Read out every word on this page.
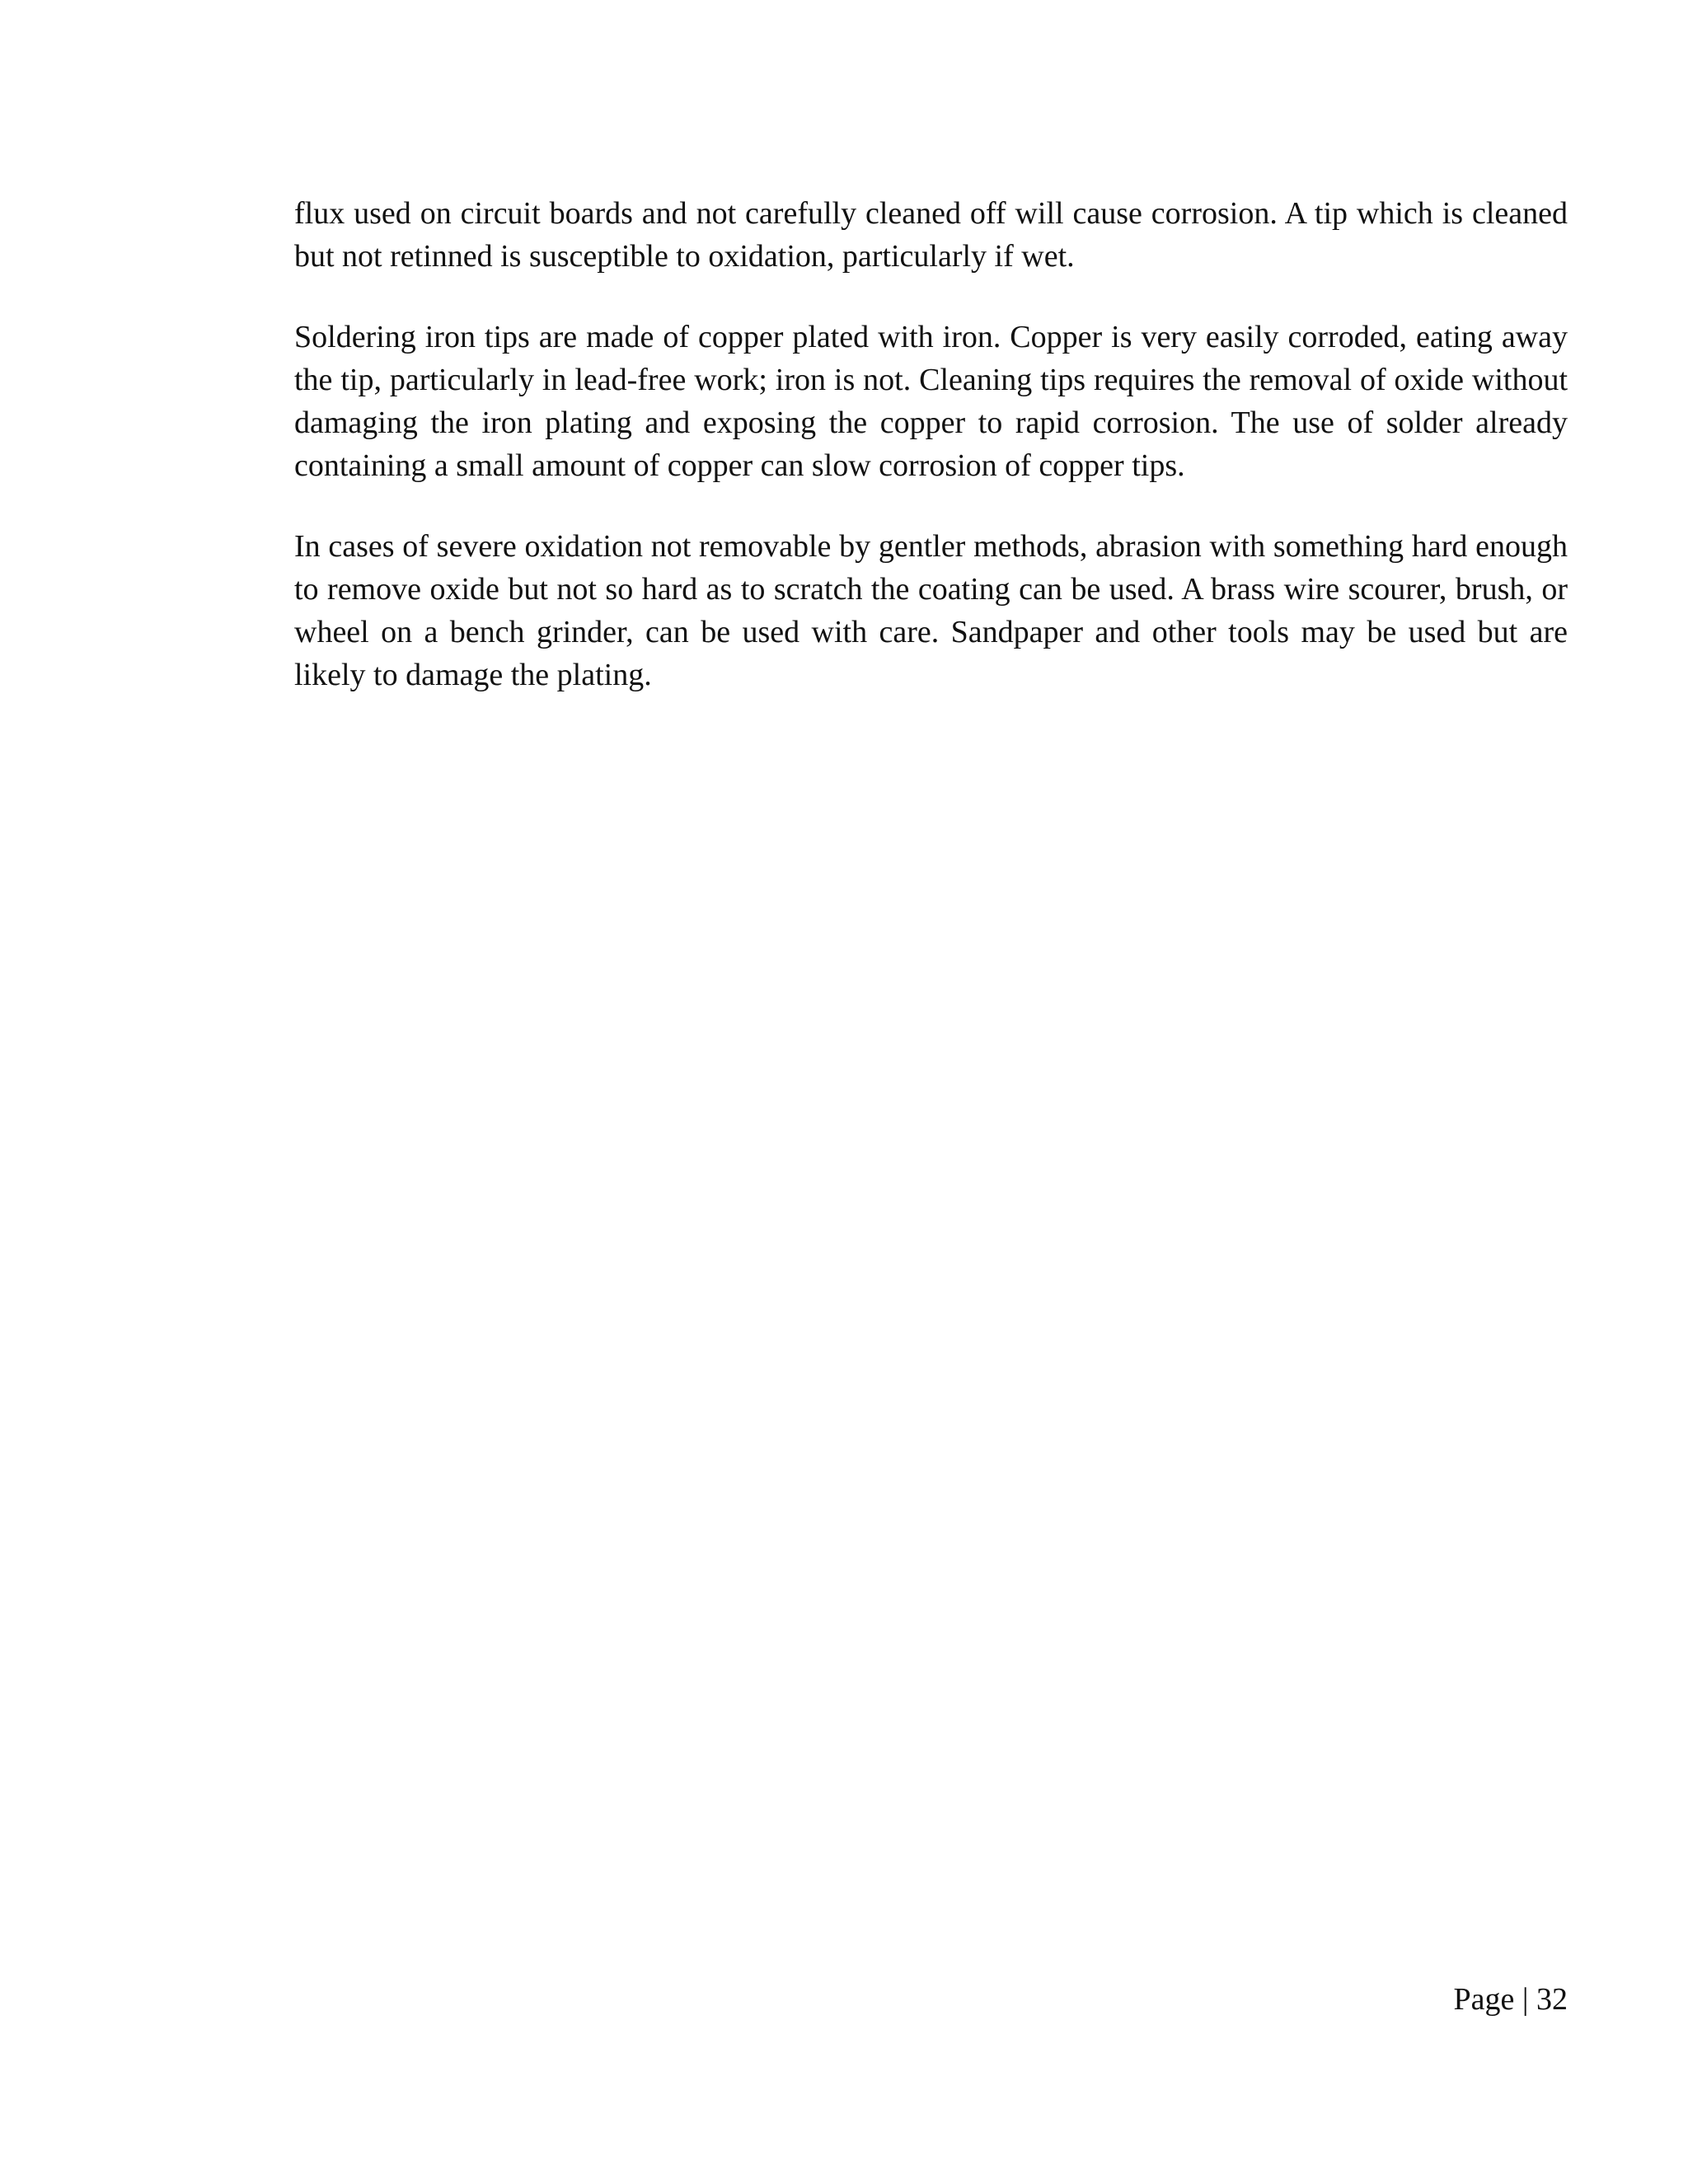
flux used on circuit boards and not carefully cleaned off will cause corrosion. A tip which is cleaned but not retinned is susceptible to oxidation, particularly if wet.

Soldering iron tips are made of copper plated with iron. Copper is very easily corroded, eating away the tip, particularly in lead-free work; iron is not. Cleaning tips requires the removal of oxide without damaging the iron plating and exposing the copper to rapid corrosion. The use of solder already containing a small amount of copper can slow corrosion of copper tips.

In cases of severe oxidation not removable by gentler methods, abrasion with something hard enough to remove oxide but not so hard as to scratch the coating can be used. A brass wire scourer, brush, or wheel on a bench grinder, can be used with care. Sandpaper and other tools may be used but are likely to damage the plating.

Page | 32
